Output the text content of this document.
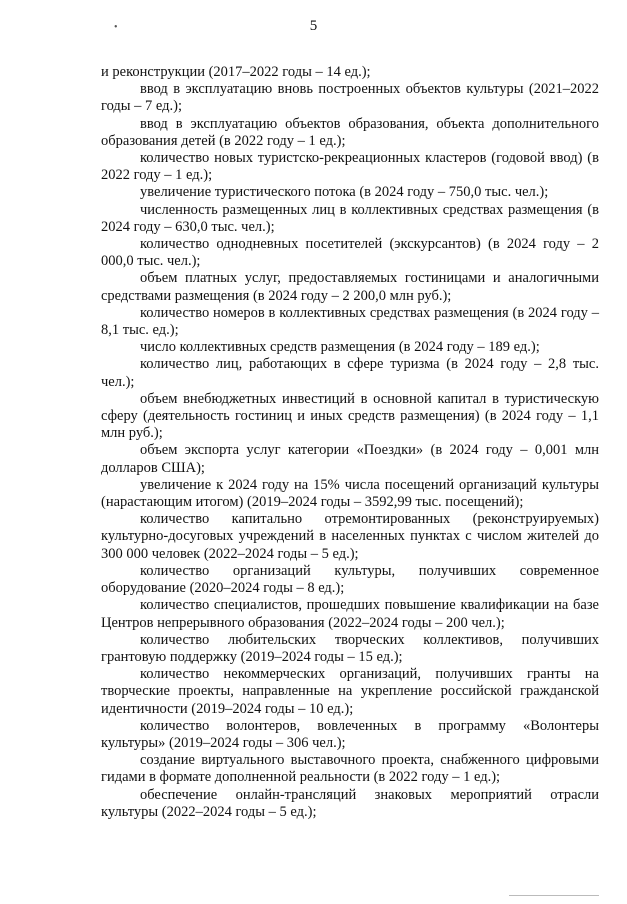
•	5

и реконструкции (2017–2022 годы – 14 ед.);

ввод в эксплуатацию вновь построенных объектов культуры (2021–2022 годы – 7 ед.);

ввод в эксплуатацию объектов образования, объекта дополнительного образования детей (в 2022 году – 1 ед.);

количество новых туристско-рекреационных кластеров (годовой ввод) (в 2022 году – 1 ед.);

увеличение туристического потока (в 2024 году – 750,0 тыс. чел.);

численность размещенных лиц в коллективных средствах размещения (в 2024 году – 630,0 тыс. чел.);

количество однодневных посетителей (экскурсантов) (в 2024 году – 2 000,0 тыс. чел.);

объем платных услуг, предоставляемых гостиницами и аналогичными средствами размещения (в 2024 году – 2 200,0 млн руб.);

количество номеров в коллективных средствах размещения (в 2024 году – 8,1 тыс. ед.);

число коллективных средств размещения (в 2024 году – 189 ед.);

количество лиц, работающих в сфере туризма (в 2024 году – 2,8 тыс. чел.);

объем внебюджетных инвестиций в основной капитал в туристическую сферу (деятельность гостиниц и иных средств размещения) (в 2024 году – 1,1 млн руб.);

объем экспорта услуг категории «Поездки» (в 2024 году – 0,001 млн долларов США);

увеличение к 2024 году на 15% числа посещений организаций культуры (нарастающим итогом) (2019–2024 годы – 3592,99 тыс. посещений);

количество капитально отремонтированных (реконструируемых) культурно-досуговых учреждений в населенных пунктах с числом жителей до 300 000 человек (2022–2024 годы – 5 ед.);

количество организаций культуры, получивших современное оборудование (2020–2024 годы – 8 ед.);

количество специалистов, прошедших повышение квалификации на базе Центров непрерывного образования (2022–2024 годы – 200 чел.);

количество любительских творческих коллективов, получивших грантовую поддержку (2019–2024 годы – 15 ед.);

количество некоммерческих организаций, получивших гранты на творческие проекты, направленные на укрепление российской гражданской идентичности (2019–2024 годы – 10 ед.);

количество волонтеров, вовлеченных в программу «Волонтеры культуры» (2019–2024 годы – 306 чел.);

создание виртуального выставочного проекта, снабженного цифровыми гидами в формате дополненной реальности (в 2022 году – 1 ед.);

обеспечение онлайн-трансляций знаковых мероприятий отрасли культуры (2022–2024 годы – 5 ед.);
